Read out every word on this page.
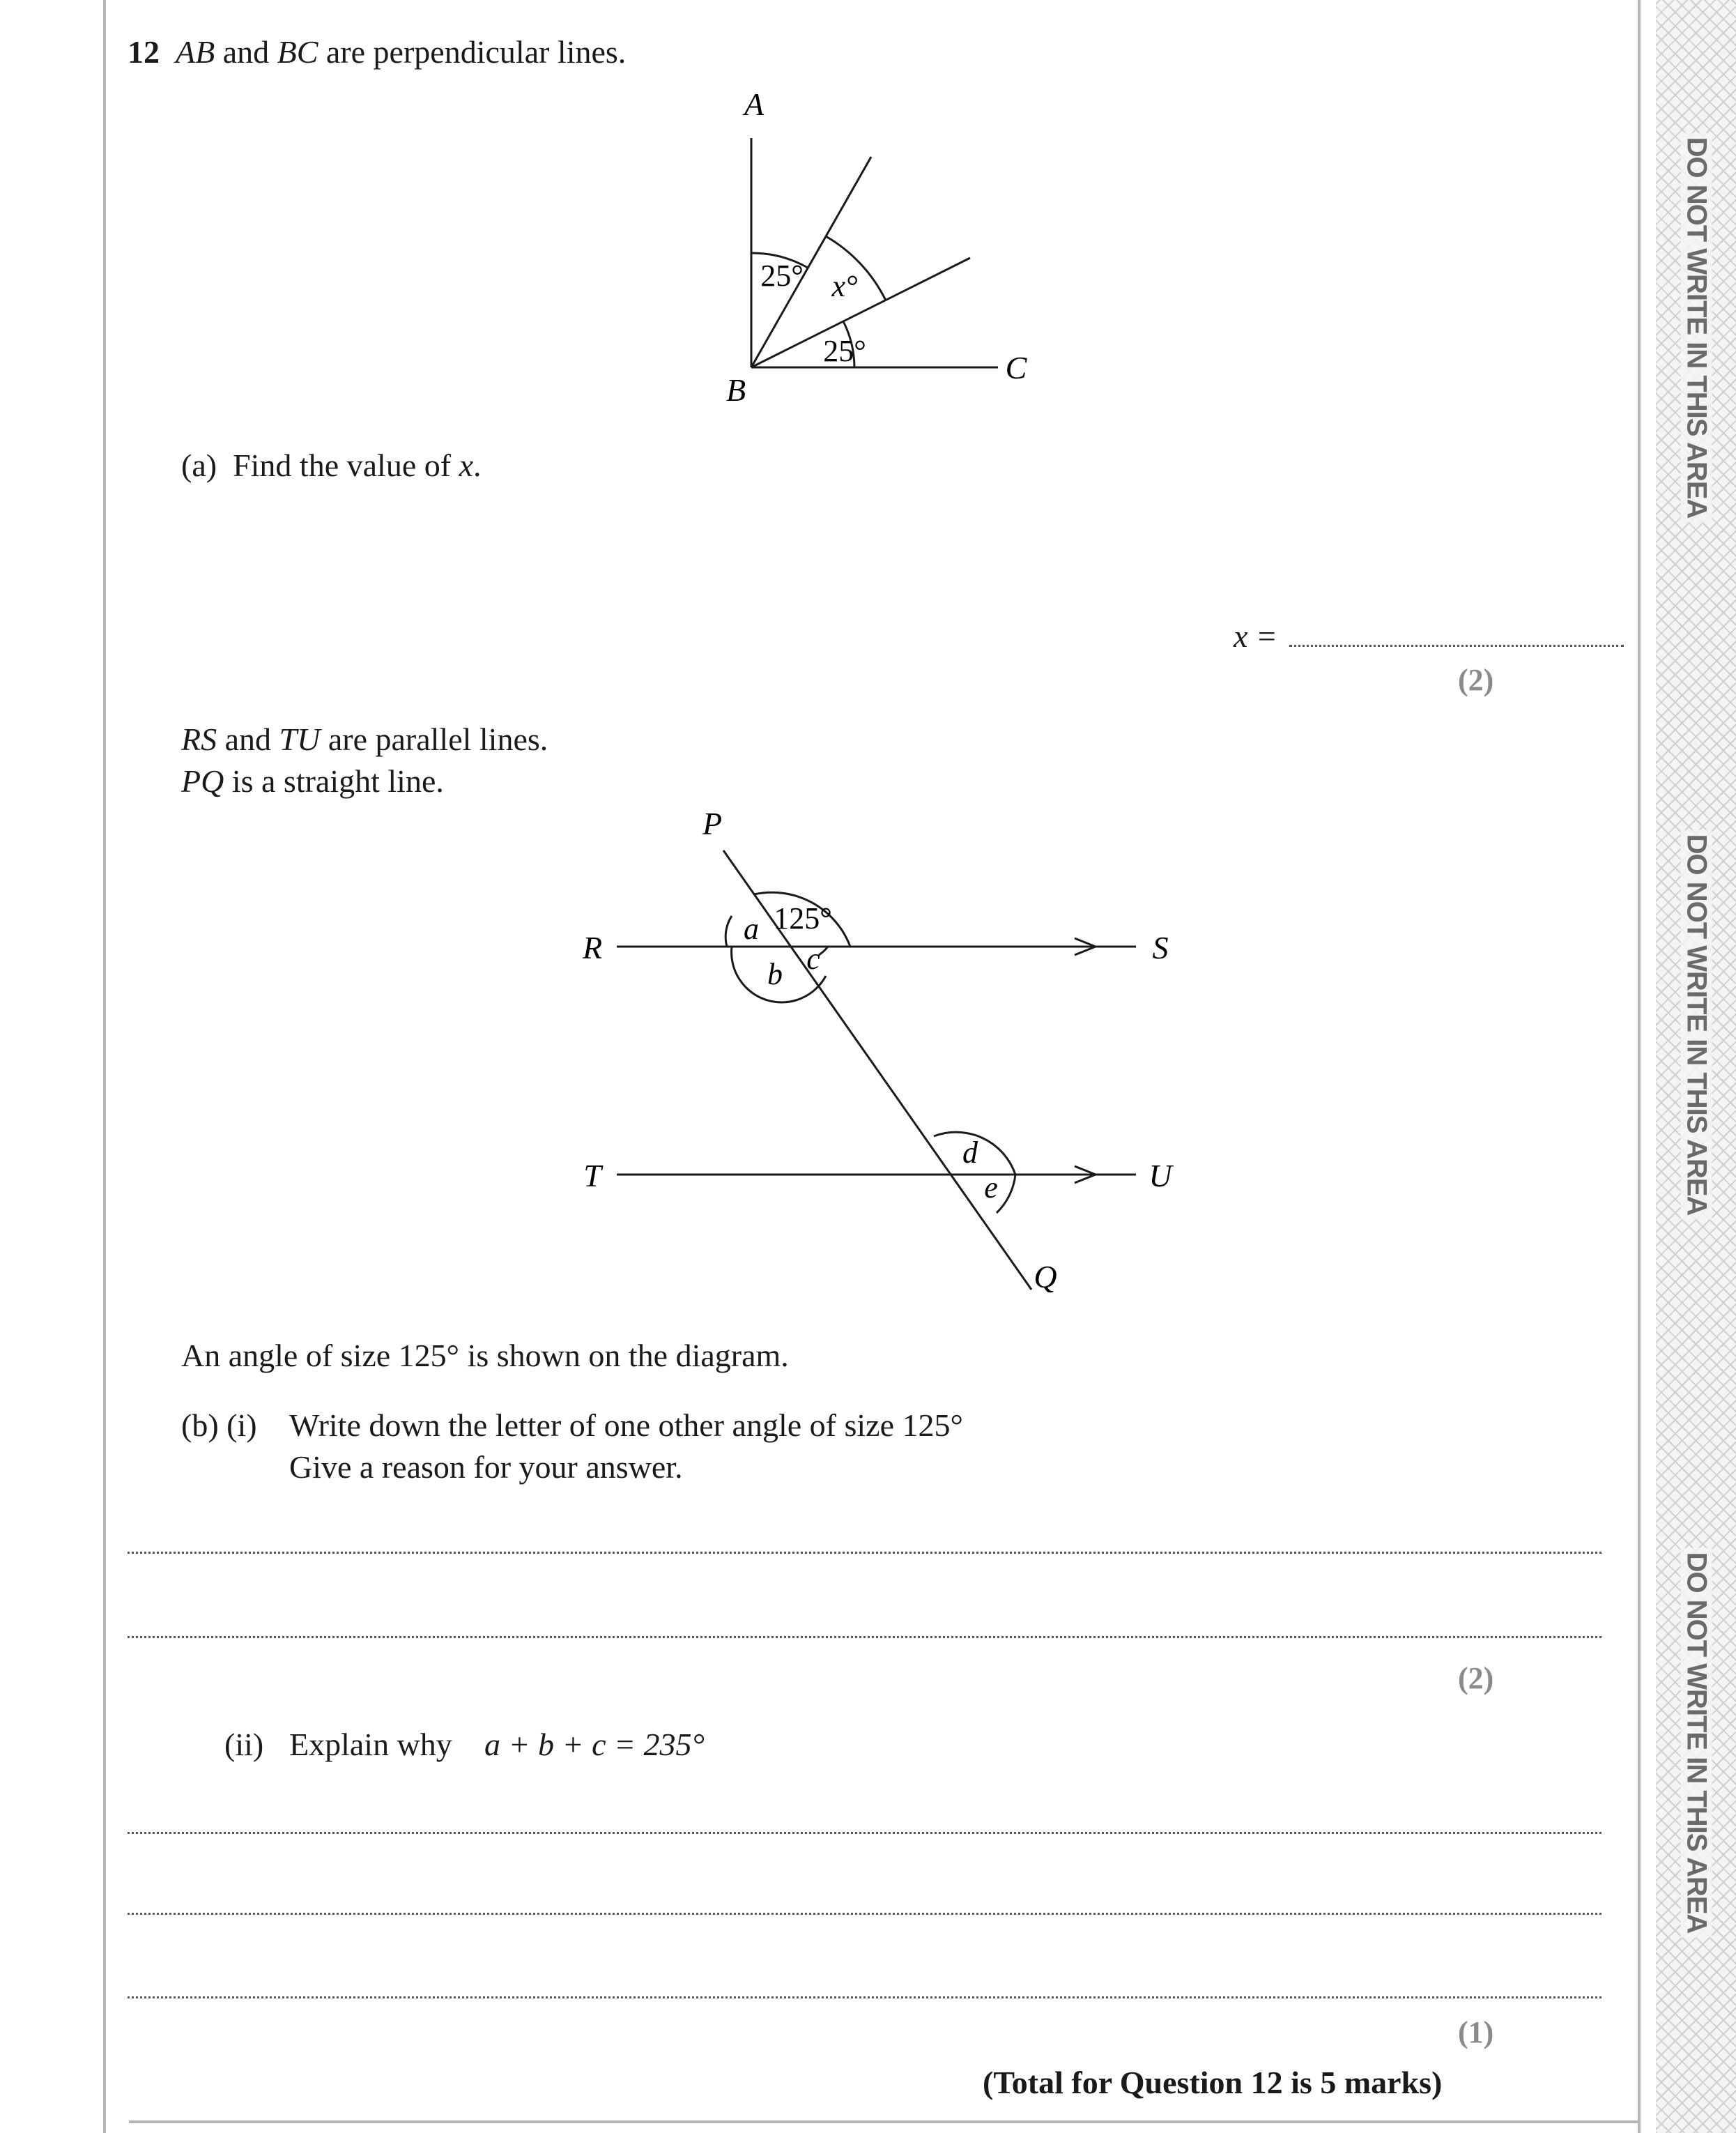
DO NOT WRITE IN THIS AREA
DO NOT WRITE IN THIS AREA
DO NOT WRITE IN THIS AREA
12 AB and BC are perpendicular lines.
A
B
C
25° x°
25°
(a) Find the value of x.
x =
(2)
RS and TU are parallel lines.
PQ is a straight line.
P
Q
R	S
T	U
125°
a
b c
d
e
An angle of size 125° is shown on the diagram.
(b) (i) Write down the letter of one other angle of size 125°
Give a reason for your answer.
(2)
(ii) Explain why a + b + c = 235°
(1)
(Total for Question 12 is 5 marks)
